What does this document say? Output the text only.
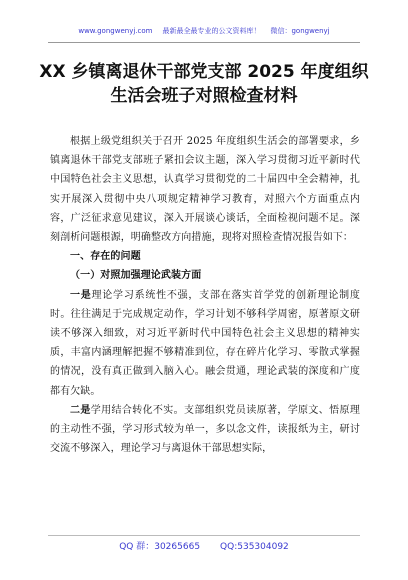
www.gongwenyj.com 最新最全最专业的公文资料库！ 微信：gongwenyj
XX 乡镇离退休干部党支部 2025 年度组织
生活会班子对照检查材料

根据上级党组织关于召开 2025 年度组织生活会的部署要求，乡镇离退休干部党支部班子紧扣会议主题，深入学习贯彻习近平新时代中国特色社会主义思想，认真学习贯彻党的二十届四中全会精神，扎实开展深入贯彻中央八项规定精神学习教育，对照六个方面重点内容，广泛征求意见建议，深入开展谈心谈话，全面检视问题不足。深刻剖析问题根源，明确整改方向措施，现将对照检查情况报告如下：

一、存在的问题

（一）对照加强理论武装方面

一是理论学习系统性不强，支部在落实首学党的创新理论制度时。往往满足于完成规定动作，学习计划不够科学周密，原著原文研读不够深入细致，对习近平新时代中国特色社会主义思想的精神实质，丰富内涵理解把握不够精准到位，存在碎片化学习、零散式掌握的情况，没有真正做到入脑入心。融会贯通，理论武装的深度和广度都有欠缺。

二是学用结合转化不实。支部组织党员读原著，学原文、悟原理的主动性不强，学习形式较为单一，多以念文件，读报纸为主，研讨交流不够深入，理论学习与离退休干部思想实际，

QQ 群：30265665 QQ:535304092
